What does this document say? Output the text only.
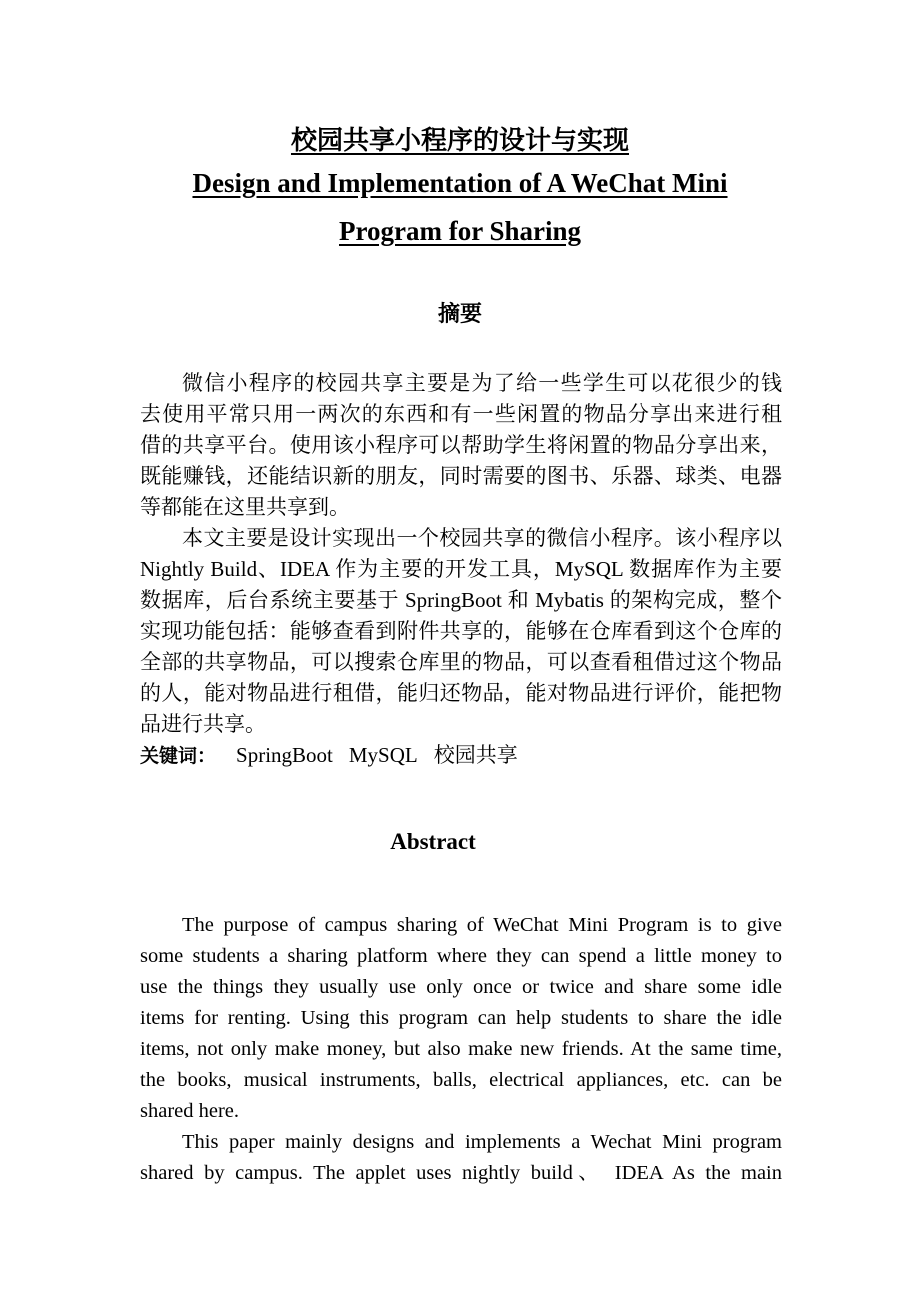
校园共享小程序的设计与实现
Design and Implementation of A WeChat Mini
Program for Sharing
摘要
微信小程序的校园共享主要是为了给一些学生可以花很少的钱
去使用平常只用一两次的东西和有一些闲置的物品分享出来进行租
借的共享平台。使用该小程序可以帮助学生将闲置的物品分享出来，
既能赚钱，还能结识新的朋友，同时需要的图书、乐器、球类、电器
等都能在这里共享到。
本文主要是设计实现出一个校园共享的微信小程序。该小程序以
Nightly Build、IDEA 作为主要的开发工具，MySQL 数据库作为主要
数据库，后台系统主要基于 SpringBoot 和 Mybatis 的架构完成，整个
实现功能包括：能够查看到附件共享的，能够在仓库看到这个仓库的
全部的共享物品，可以搜索仓库里的物品，可以查看租借过这个物品
的人，能对物品进行租借，能归还物品，能对物品进行评价，能把物
品进行共享。
关键词： SpringBoot MySQL 校园共享
Abstract
The purpose of campus sharing of WeChat Mini Program is to give
some students a sharing platform where they can spend a little money to
use the things they usually use only once or twice and share some idle
items for renting. Using this program can help students to share the idle
items, not only make money, but also make new friends. At the same time,
the books, musical instruments, balls, electrical appliances, etc. can be
shared here.
This paper mainly designs and implements a Wechat Mini program
shared by campus. The applet uses nightly build、 IDEA As the main
